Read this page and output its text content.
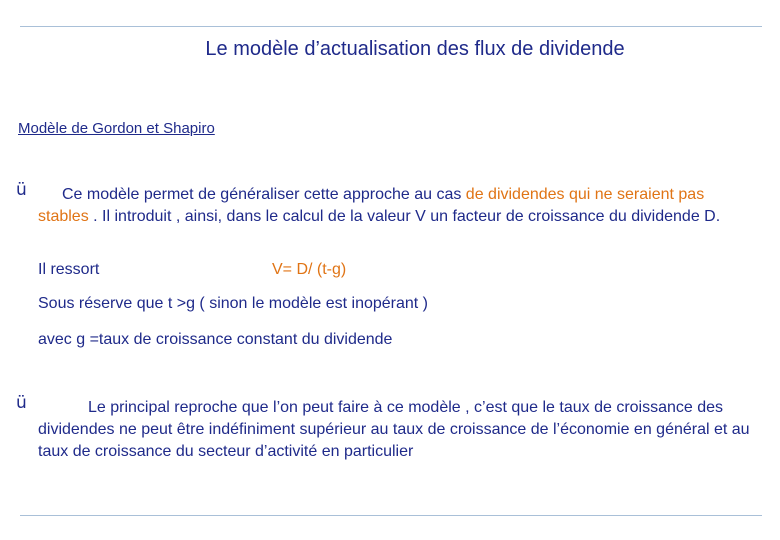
Le modèle d’actualisation des flux de dividende
Modèle de Gordon et Shapiro
ü	Ce modèle permet de généraliser cette approche au cas de dividendes qui ne seraient pas stables . Il introduit , ainsi, dans le calcul de la valeur V un facteur de croissance du dividende D.
Il ressort	V= D/ (t-g)
Sous réserve que t >g ( sinon le modèle est inopérant )
avec g =taux de croissance constant du dividende
ü	Le principal reproche que l’on peut faire à ce modèle , c’est que le taux de croissance des dividendes ne peut être indéfiniment supérieur au taux de croissance de l’économie en général et au taux de croissance du secteur d’activité en particulier
